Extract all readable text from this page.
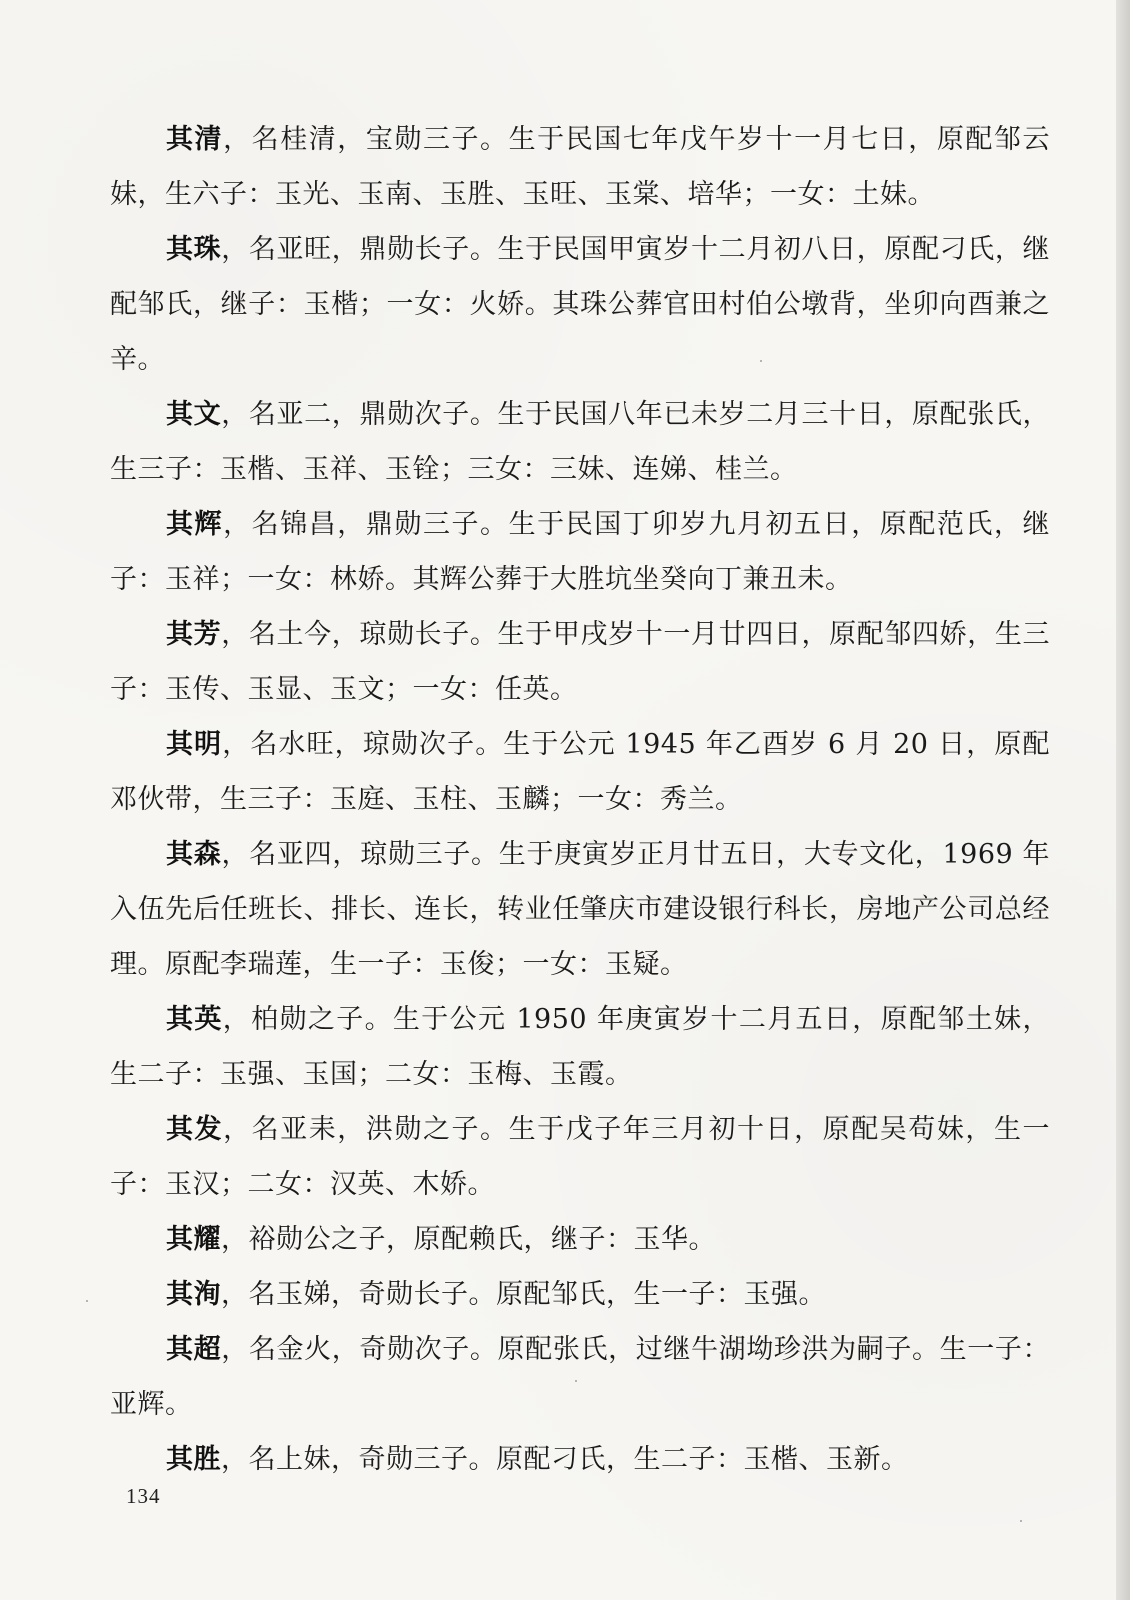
其清，名桂清，宝勋三子。生于民国七年戊午岁十一月七日，原配邹云妹，生六子：玉光、玉南、玉胜、玉旺、玉棠、培华；一女：土妹。

其珠，名亚旺，鼎勋长子。生于民国甲寅岁十二月初八日，原配刁氏，继配邹氏，继子：玉楷；一女：火娇。其珠公葬官田村伯公墩背，坐卯向酉兼之辛。

其文，名亚二，鼎勋次子。生于民国八年已未岁二月三十日，原配张氏，生三子：玉楷、玉祥、玉铨；三女：三妹、连娣、桂兰。

其辉，名锦昌，鼎勋三子。生于民国丁卯岁九月初五日，原配范氏，继子：玉祥；一女：林娇。其辉公葬于大胜坑坐癸向丁兼丑未。

其芳，名土今，琼勋长子。生于甲戌岁十一月廿四日，原配邹四娇，生三子：玉传、玉显、玉文；一女：任英。

其明，名水旺，琼勋次子。生于公元 1945 年乙酉岁 6 月 20 日，原配邓伙带，生三子：玉庭、玉柱、玉麟；一女：秀兰。

其森，名亚四，琼勋三子。生于庚寅岁正月廿五日，大专文化，1969 年入伍先后任班长、排长、连长，转业任肇庆市建设银行科长，房地产公司总经理。原配李瑞莲，生一子：玉俊；一女：玉疑。

其英，柏勋之子。生于公元 1950 年庚寅岁十二月五日，原配邹土妹，生二子：玉强、玉国；二女：玉梅、玉霞。

其发，名亚耒，洪勋之子。生于戊子年三月初十日，原配吴苟妹，生一子：玉汉；二女：汉英、木娇。

其耀，裕勋公之子，原配赖氏，继子：玉华。

其洵，名玉娣，奇勋长子。原配邹氏，生一子：玉强。

其超，名金火，奇勋次子。原配张氏，过继牛湖坳珍洪为嗣子。生一子：亚辉。

其胜，名上妹，奇勋三子。原配刁氏，生二子：玉楷、玉新。

134
